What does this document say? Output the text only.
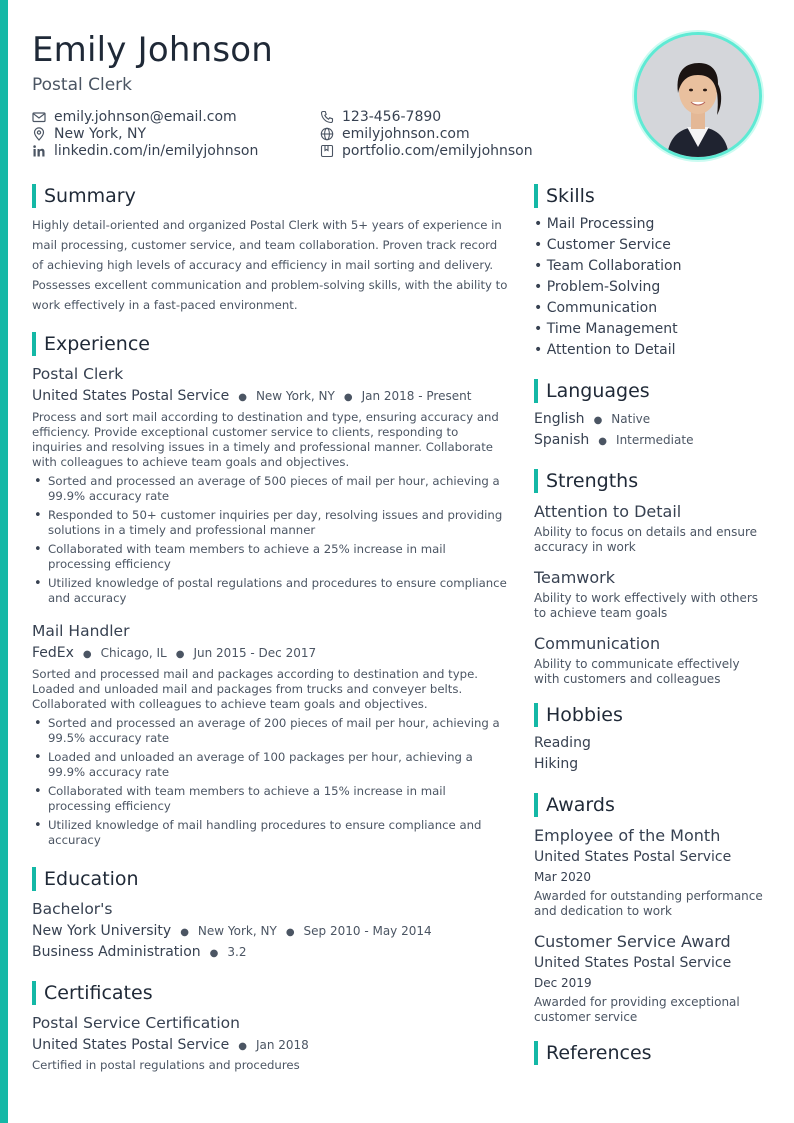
Emily Johnson
Postal Clerk
emily.johnson@email.com
New York, NY
linkedin.com/in/emilyjohnson
123-456-7890
emilyjohnson.com
portfolio.com/emilyjohnson
Summary
Highly detail-oriented and organized Postal Clerk with 5+ years of experience in mail processing, customer service, and team collaboration. Proven track record of achieving high levels of accuracy and efficiency in mail sorting and delivery. Possesses excellent communication and problem-solving skills, with the ability to work effectively in a fast-paced environment.
Experience
Postal Clerk
United States Postal Service ● New York, NY ● Jan 2018 - Present
Process and sort mail according to destination and type, ensuring accuracy and efficiency. Provide exceptional customer service to clients, responding to inquiries and resolving issues in a timely and professional manner. Collaborate with colleagues to achieve team goals and objectives.
• Sorted and processed an average of 500 pieces of mail per hour, achieving a 99.9% accuracy rate
• Responded to 50+ customer inquiries per day, resolving issues and providing solutions in a timely and professional manner
• Collaborated with team members to achieve a 25% increase in mail processing efficiency
• Utilized knowledge of postal regulations and procedures to ensure compliance and accuracy
Mail Handler
FedEx ● Chicago, IL ● Jun 2015 - Dec 2017
Sorted and processed mail and packages according to destination and type. Loaded and unloaded mail and packages from trucks and conveyer belts. Collaborated with colleagues to achieve team goals and objectives.
• Sorted and processed an average of 200 pieces of mail per hour, achieving a 99.5% accuracy rate
• Loaded and unloaded an average of 100 packages per hour, achieving a 99.9% accuracy rate
• Collaborated with team members to achieve a 15% increase in mail processing efficiency
• Utilized knowledge of mail handling procedures to ensure compliance and accuracy
Education
Bachelor's
New York University ● New York, NY ● Sep 2010 - May 2014
Business Administration ● 3.2
Certificates
Postal Service Certification
United States Postal Service ● Jan 2018
Certified in postal regulations and procedures
Skills
• Mail Processing
• Customer Service
• Team Collaboration
• Problem-Solving
• Communication
• Time Management
• Attention to Detail
Languages
English ● Native
Spanish ● Intermediate
Strengths
Attention to Detail
Ability to focus on details and ensure accuracy in work
Teamwork
Ability to work effectively with others to achieve team goals
Communication
Ability to communicate effectively with customers and colleagues
Hobbies
Reading
Hiking
Awards
Employee of the Month
United States Postal Service
Mar 2020
Awarded for outstanding performance and dedication to work
Customer Service Award
United States Postal Service
Dec 2019
Awarded for providing exceptional customer service
References
